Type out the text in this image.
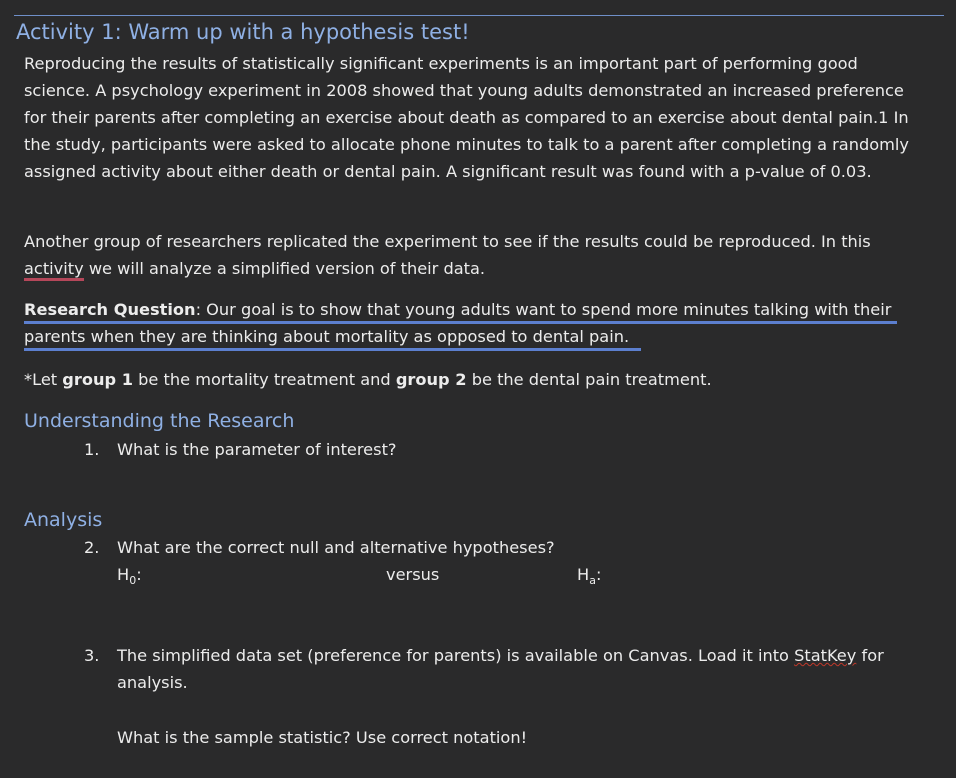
Activity 1: Warm up with a hypothesis test!
Reproducing the results of statistically significant experiments is an important part of performing good science. A psychology experiment in 2008 showed that young adults demonstrated an increased preference for their parents after completing an exercise about death as compared to an exercise about dental pain.1 In the study, participants were asked to allocate phone minutes to talk to a parent after completing a randomly assigned activity about either death or dental pain. A significant result was found with a p-value of 0.03.
Another group of researchers replicated the experiment to see if the results could be reproduced. In this activity we will analyze a simplified version of their data.
Research Question: Our goal is to show that young adults want to spend more minutes talking with their parents when they are thinking about mortality as opposed to dental pain.
*Let group 1 be the mortality treatment and group 2 be the dental pain treatment.
Understanding the Research
1. What is the parameter of interest?
Analysis
2. What are the correct null and alternative hypotheses?
$H_0$:	versus	$H_a$:
3. The simplified data set (preference for parents) is available on Canvas. Load it into StatKey for analysis.
What is the sample statistic? Use correct notation!
